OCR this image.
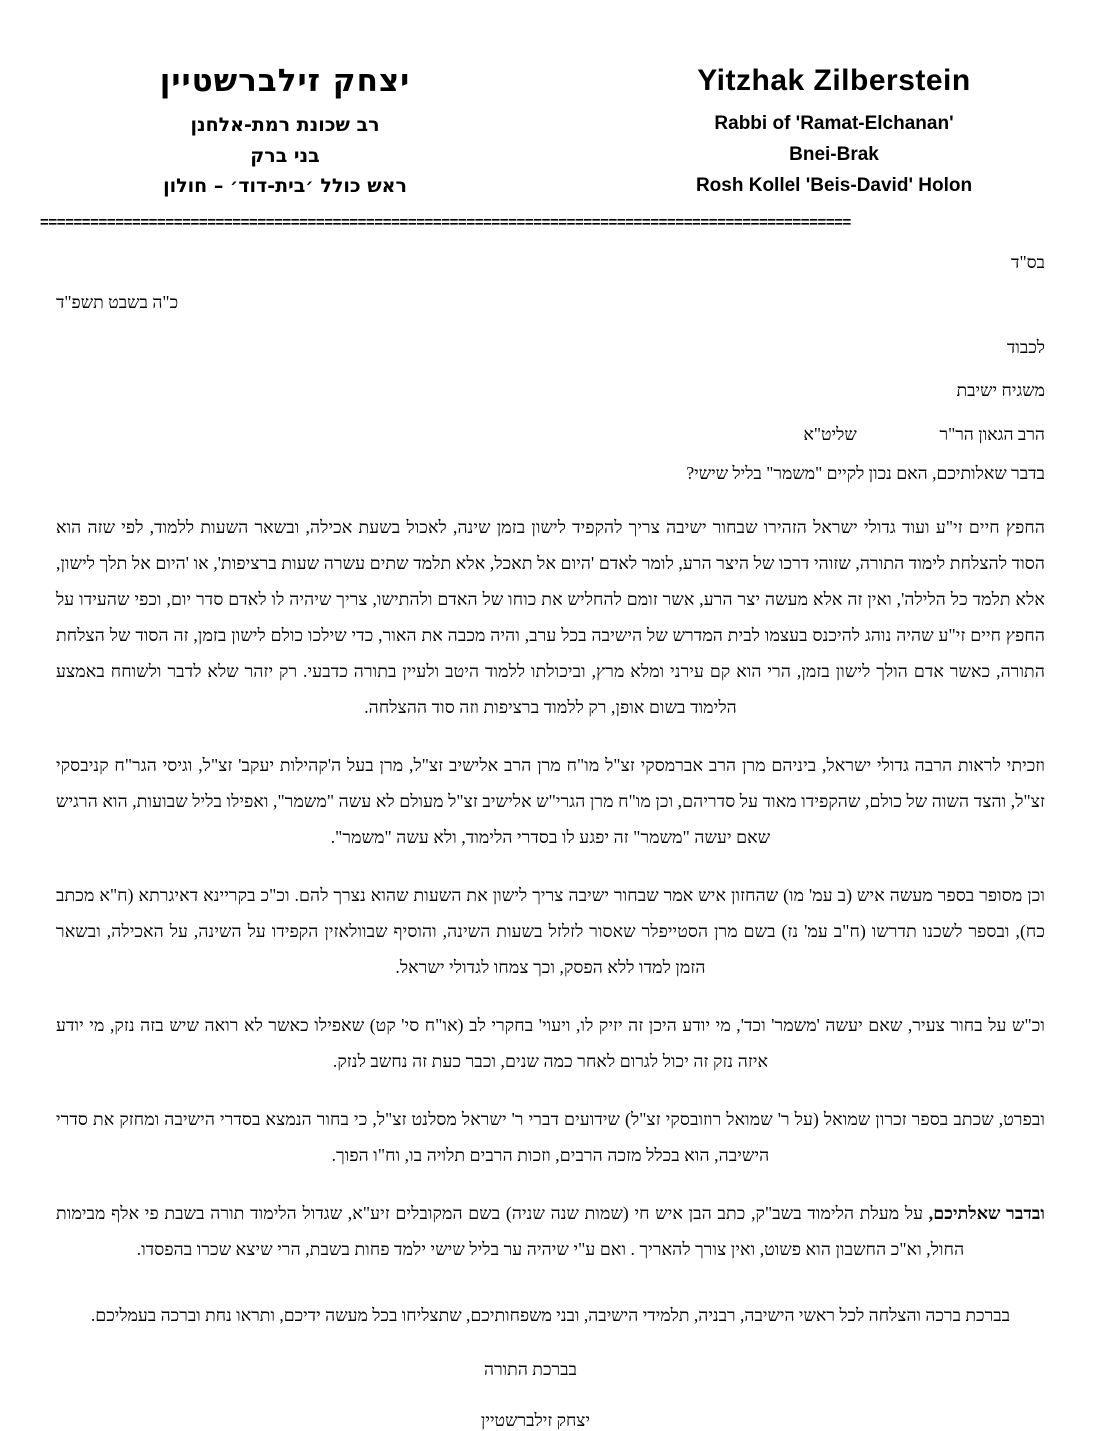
יצחק זילברשטיין
רב שכונת רמת-אלחנן
בני ברק
ראש כולל ׳בית-דוד׳ – חולון
Yitzhak Zilberstein
Rabbi of 'Ramat-Elchanan'
Bnei-Brak
Rosh Kollel 'Beis-David' Holon
=================================================================================================
בס"ד
כ"ה בשבט תשפ"ד
לכבוד
משגיח ישיבת
הרב הגאון הר"ר  שליט"א
בדבר שאלותיכם, האם נכון לקיים "משמר" בליל שישי?

החפץ חיים זי"ע ועוד גדולי ישראל הזהירו שבחור ישיבה צריך להקפיד לישון בזמן שינה, לאכול בשעת אכילה, ובשאר השעות ללמוד, לפי שזה הוא הסוד להצלחת לימוד התורה, שזוהי דרכו של היצר הרע, לומר לאדם 'היום אל תאכל, אלא תלמד שתים עשרה שעות ברציפות', או 'היום אל תלך לישון, אלא תלמד כל הלילה', ואין זה אלא מעשה יצר הרע, אשר זומם להחליש את כוחו של האדם ולהתישו, צריך שיהיה לו לאדם סדר יום, וכפי שהעידו על החפץ חיים זי"ע שהיה נוהג להיכנס בעצמו לבית המדרש של הישיבה בכל ערב, והיה מכבה את האור, כדי שילכו כולם לישון בזמן, זה הסוד של הצלחת התורה, כאשר אדם הולך לישון בזמן, הרי הוא קם עירני ומלא מרץ, וביכולתו ללמוד היטב ולעיין בתורה כדבעי. רק יזהר שלא לדבר ולשוחח באמצע הלימוד בשום אופן, רק ללמוד ברציפות וזה סוד ההצלחה.

וזכיתי לראות הרבה גדולי ישראל, ביניהם מרן הרב אברמסקי זצ"ל מו"ח מרן הרב אלישיב זצ"ל, מרן בעל ה'קהילות יעקב' זצ"ל, וגיסי הגר"ח קניבסקי זצ"ל, והצד השוה של כולם, שהקפידו מאוד על סדריהם, וכן מו"ח מרן הגרי"ש אלישיב זצ"ל מעולם לא עשה "משמר", ואפילו בליל שבועות, הוא הרגיש שאם יעשה "משמר" זה יפגע לו בסדרי הלימוד, ולא עשה "משמר".

וכן מסופר בספר מעשה איש (ב עמ' מו) שהחזון איש אמר שבחור ישיבה צריך לישון את השעות שהוא נצרך להם. וכ"כ בקריינא דאיגרתא (ח"א מכתב כח), ובספר לשכנו תדרשו (ח"ב עמ' נז) בשם מרן הסטייפלר שאסור לזלזל בשעות השינה, והוסיף שבוולאזין הקפידו על השינה, על האכילה, ובשאר הזמן למדו ללא הפסק, וכך צמחו לגדולי ישראל.

וכ"ש על בחור צעיר, שאם יעשה 'משמר' וכד', מי יודע היכן זה יזיק לו, ויעוי' בחקרי לב (או"ח סי' קט) שאפילו כאשר לא רואה שיש בזה נזק, מי יודע איזה נזק זה יכול לגרום לאחר כמה שנים, וכבר כעת זה נחשב לנזק.

ובפרט, שכתב בספר זכרון שמואל (על ר' שמואל רוזובסקי זצ"ל) שידועים דברי ר' ישראל מסלנט זצ"ל, כי בחור הנמצא בסדרי הישיבה ומחזק את סדרי הישיבה, הוא בכלל מזכה הרבים, וזכות הרבים תלויה בו, וח"ו הפוך.

ובדבר שאלתיכם, על מעלת הלימוד בשב"ק, כתב הבן איש חי (שמות שנה שניה) בשם המקובלים זיע"א, שגדול הלימוד תורה בשבת פי אלף מבימות החול, וא"כ החשבון הוא פשוט, ואין צורך להאריך . ואם ע"י שיהיה ער בליל שישי ילמד פחות בשבת, הרי שיצא שכרו בהפסדו.

בברכת ברכה והצלחה לכל ראשי הישיבה, רבניה, תלמידי הישיבה, ובני משפחותיכם, שתצליחו בכל מעשה ידיכם, ותראו נחת וברכה בעמליכם.

בברכת התורה
יצחק זילברשטיין
